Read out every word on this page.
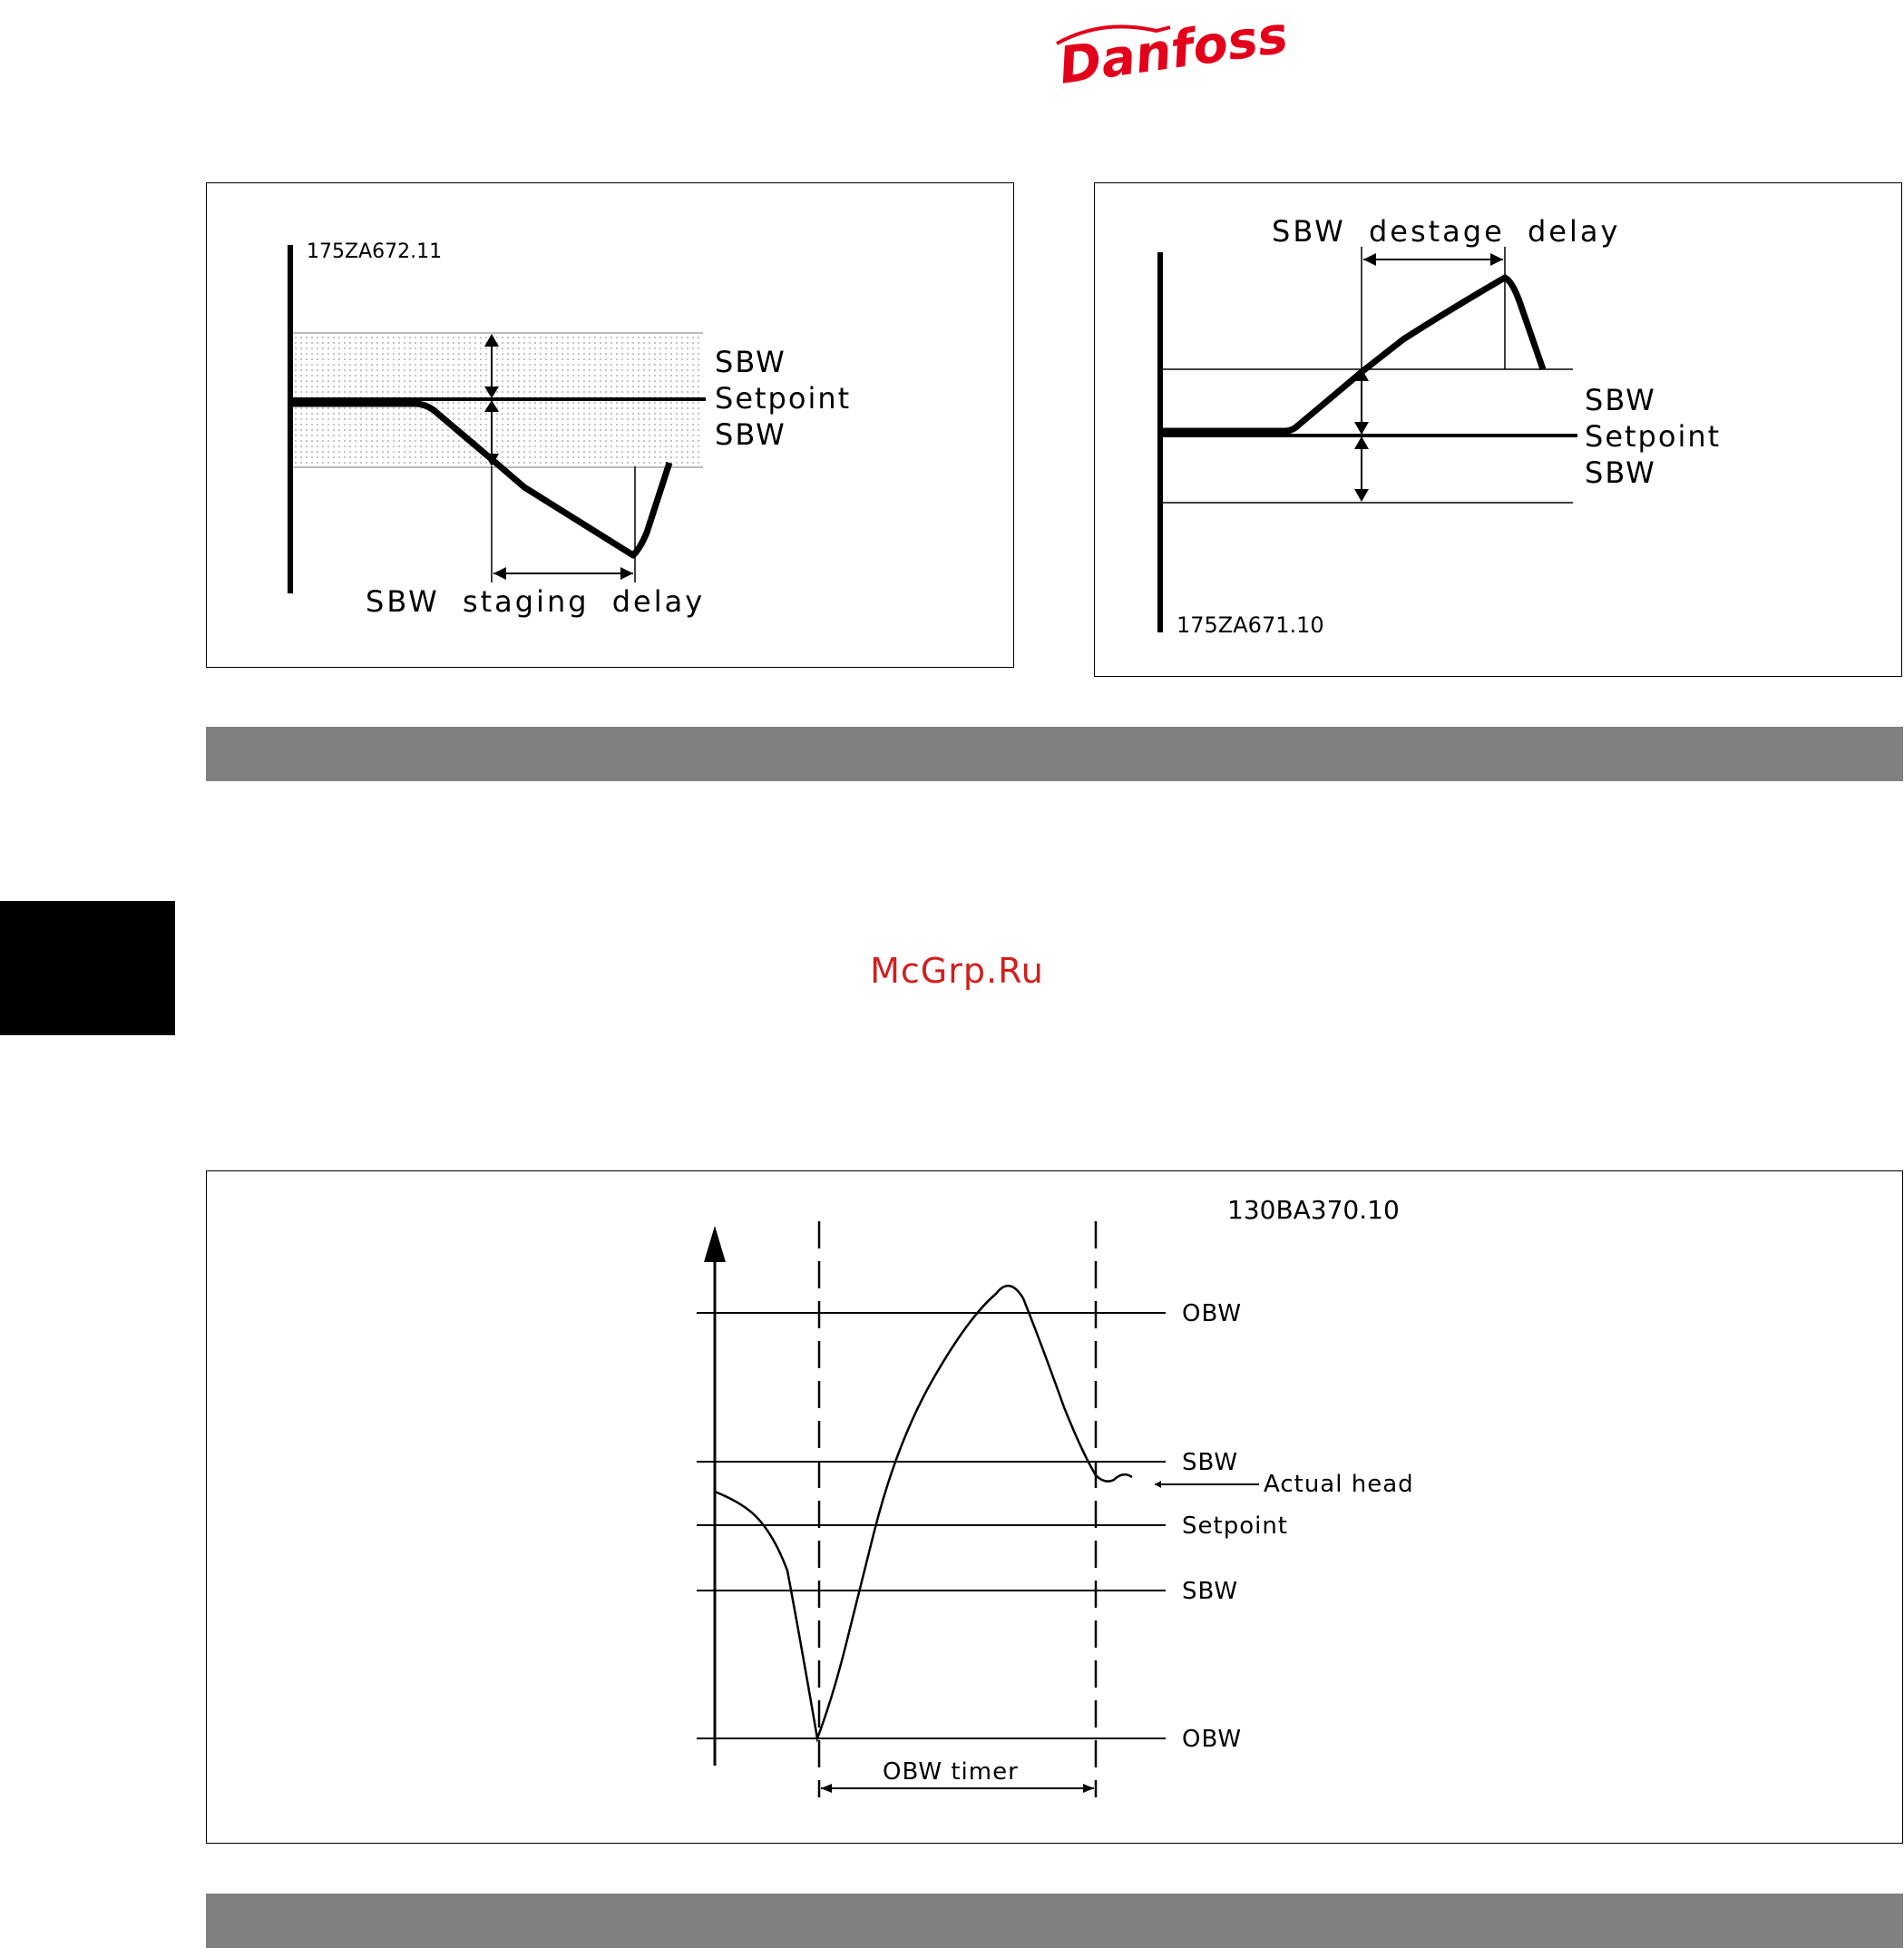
Danfoss
175ZA672.11
SBW
Setpoint
SBW
SBW staging delay
SBW destage delay
SBW
Setpoint
SBW
175ZA671.10
McGrp.Ru
130BA370.10
OBW
SBW
Actual head
Setpoint
SBW
OBW
OBW timer
